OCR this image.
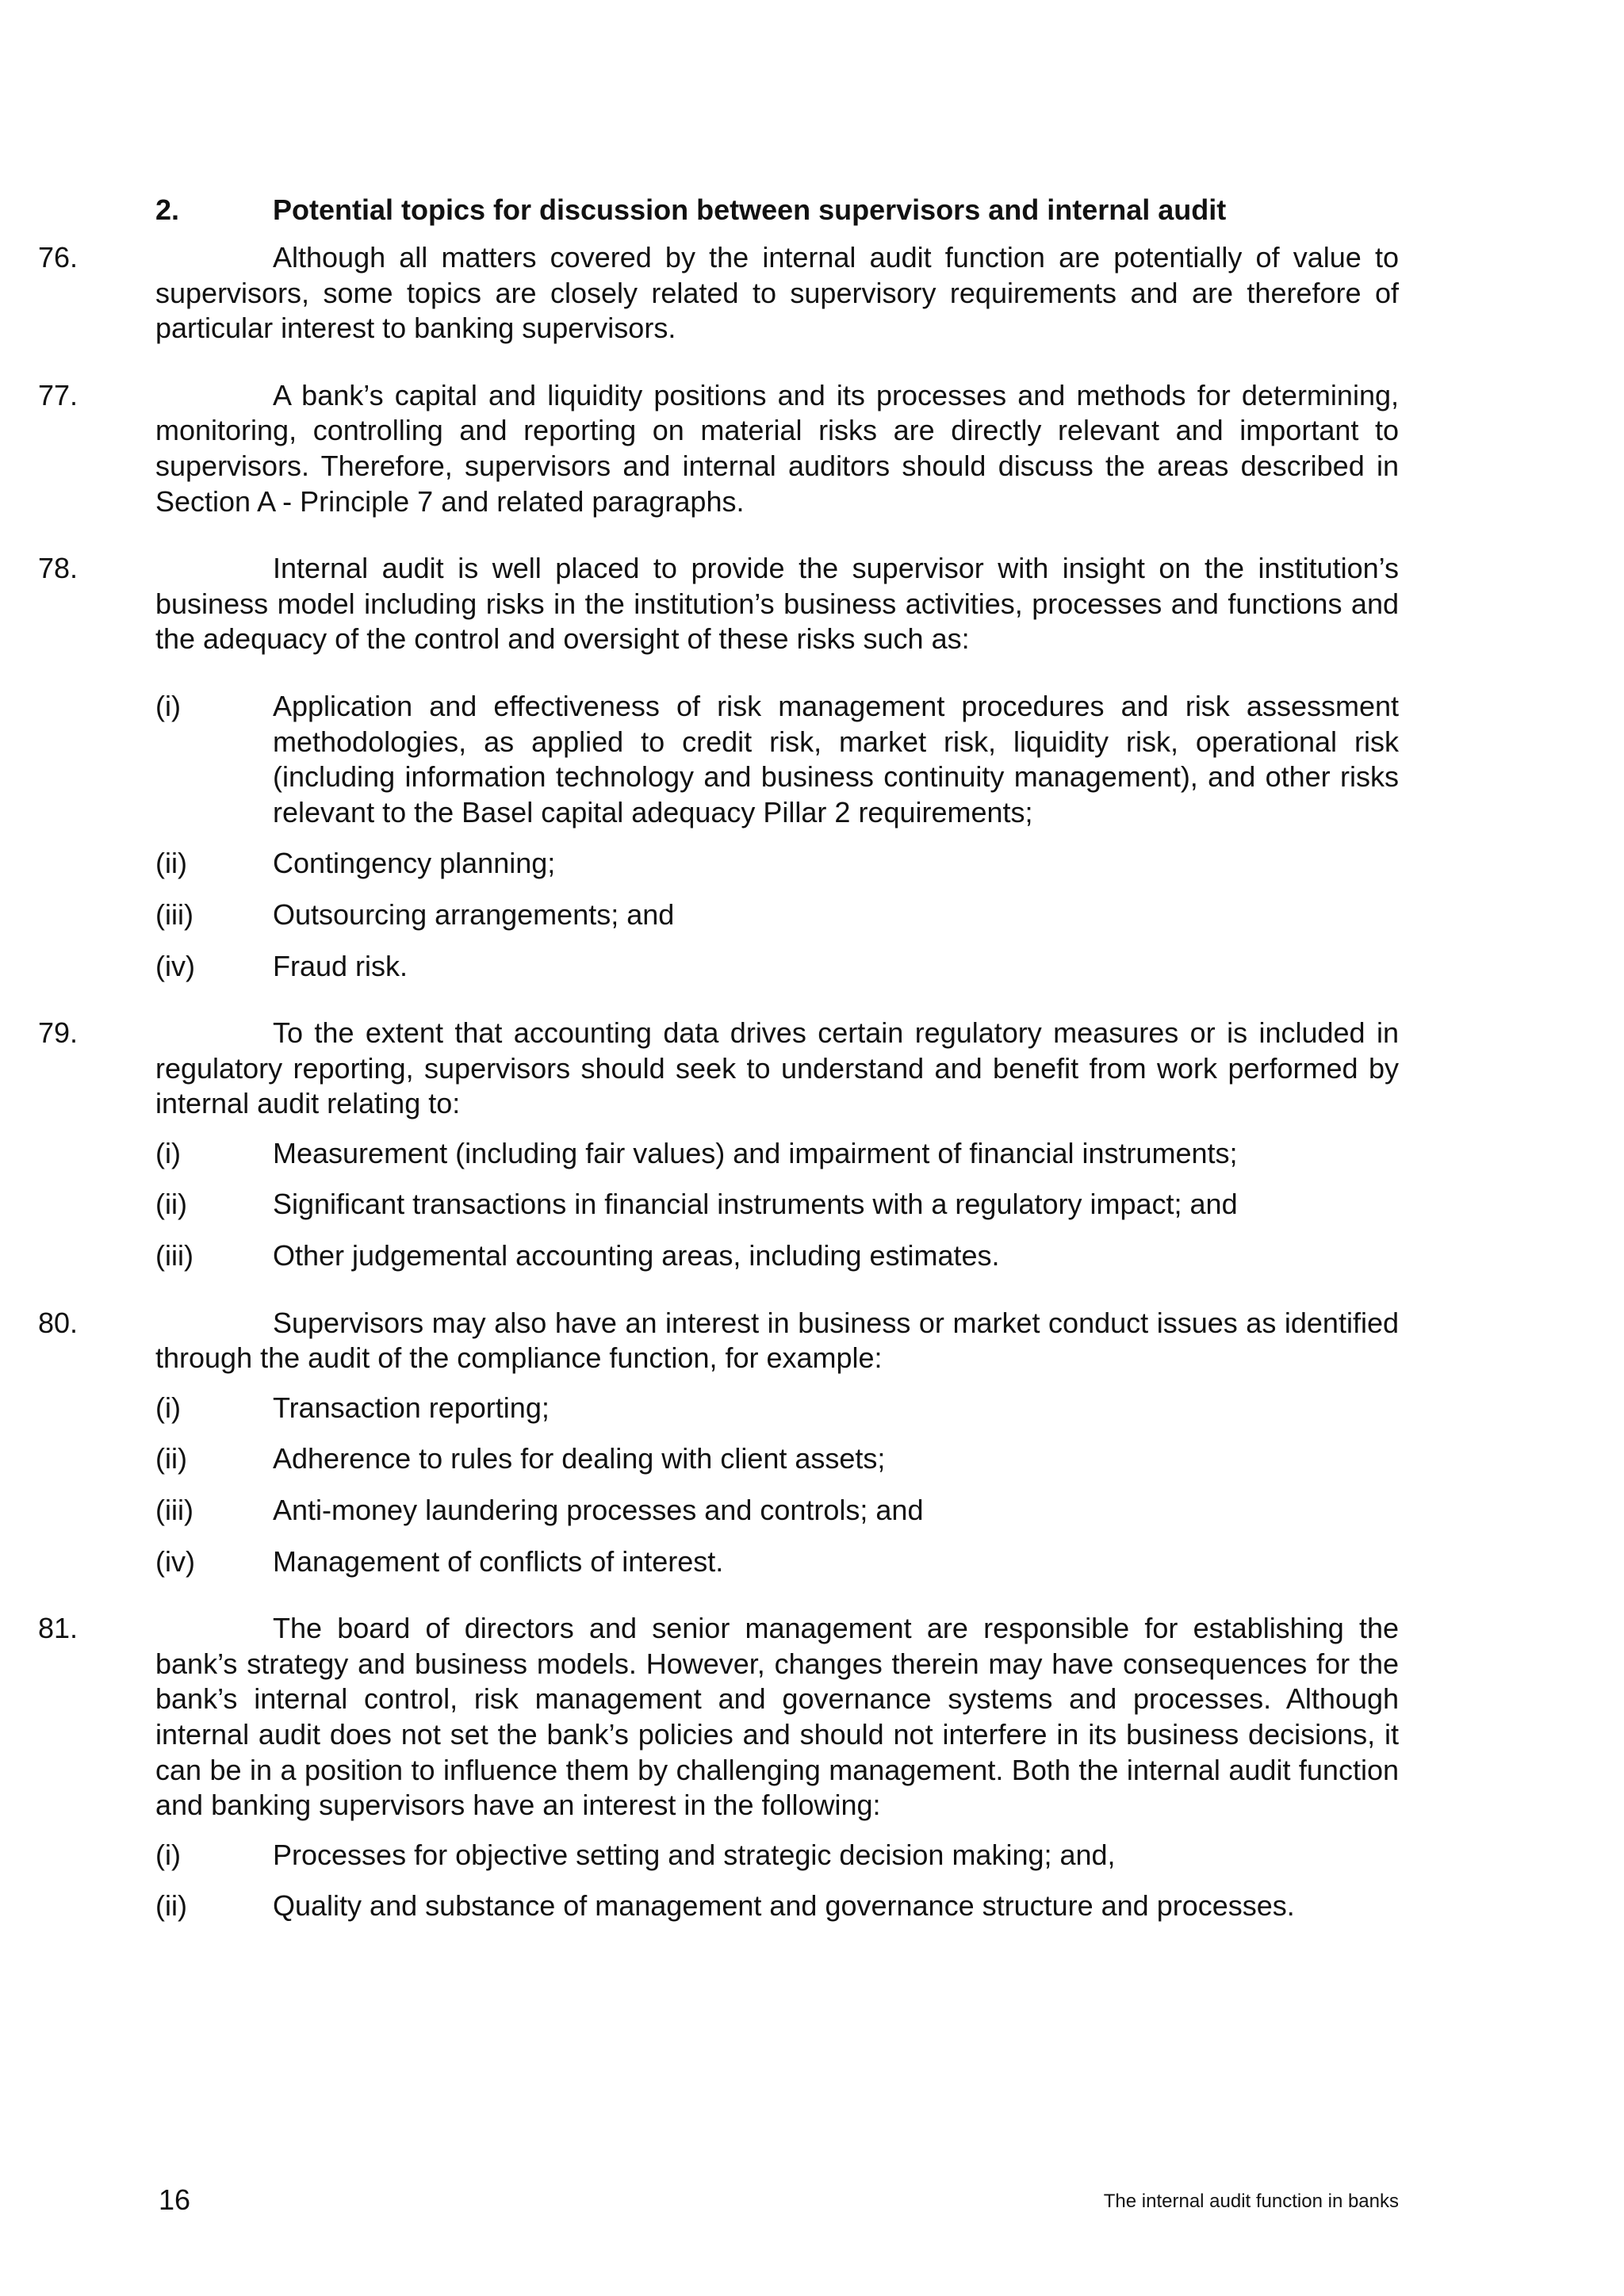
2.	Potential topics for discussion between supervisors and internal audit

76.	Although all matters covered by the internal audit function are potentially of value to supervisors, some topics are closely related to supervisory requirements and are therefore of particular interest to banking supervisors.

77.	A bank’s capital and liquidity positions and its processes and methods for determining, monitoring, controlling and reporting on material risks are directly relevant and important to supervisors. Therefore, supervisors and internal auditors should discuss the areas described in Section A - Principle 7 and related paragraphs.

78.	Internal audit is well placed to provide the supervisor with insight on the institution’s business model including risks in the institution’s business activities, processes and functions and the adequacy of the control and oversight of these risks such as:

(i)	Application and effectiveness of risk management procedures and risk assessment methodologies, as applied to credit risk, market risk, liquidity risk, operational risk (including information technology and business continuity management), and other risks relevant to the Basel capital adequacy Pillar 2 requirements;
(ii)	Contingency planning;
(iii)	Outsourcing arrangements; and
(iv)	Fraud risk.

79.	To the extent that accounting data drives certain regulatory measures or is included in regulatory reporting, supervisors should seek to understand and benefit from work performed by internal audit relating to:

(i)	Measurement (including fair values) and impairment of financial instruments;
(ii)	Significant transactions in financial instruments with a regulatory impact; and
(iii)	Other judgemental accounting areas, including estimates.

80.	Supervisors may also have an interest in business or market conduct issues as identified through the audit of the compliance function, for example:

(i)	Transaction reporting;
(ii)	Adherence to rules for dealing with client assets;
(iii)	Anti-money laundering processes and controls; and
(iv)	Management of conflicts of interest.

81.	The board of directors and senior management are responsible for establishing the bank’s strategy and business models. However, changes therein may have consequences for the bank’s internal control, risk management and governance systems and processes. Although internal audit does not set the bank’s policies and should not interfere in its business decisions, it can be in a position to influence them by challenging management. Both the internal audit function and banking supervisors have an interest in the following:

(i)	Processes for objective setting and strategic decision making; and,
(ii)	Quality and substance of management and governance structure and processes.
16	The internal audit function in banks
